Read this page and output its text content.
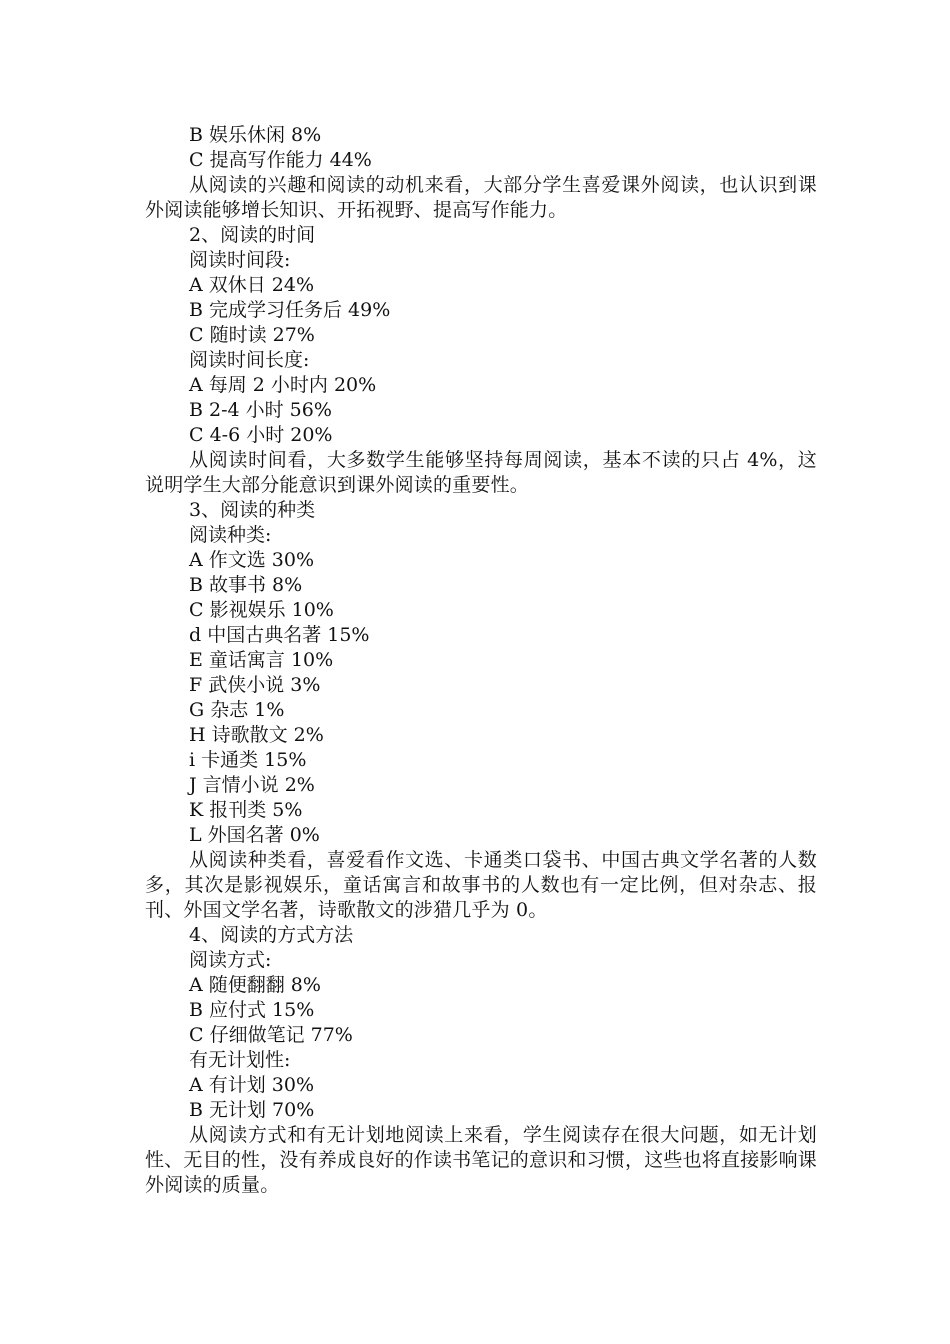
B 娱乐休闲 8%
C 提高写作能力 44%
从阅读的兴趣和阅读的动机来看，大部分学生喜爱课外阅读，也认识到课外阅读能够增长知识、开拓视野、提高写作能力。
2、阅读的时间
阅读时间段:
A 双休日 24%
B 完成学习任务后 49%
C 随时读 27%
阅读时间长度:
A 每周 2 小时内 20%
B 2-4 小时 56%
C 4-6 小时 20%
从阅读时间看，大多数学生能够坚持每周阅读，基本不读的只占 4%，这说明学生大部分能意识到课外阅读的重要性。
3、阅读的种类
阅读种类:
A 作文选 30%
B 故事书 8%
C 影视娱乐 10%
d 中国古典名著 15%
E 童话寓言 10%
F 武侠小说 3%
G 杂志 1%
H 诗歌散文 2%
i 卡通类 15%
J 言情小说 2%
K 报刊类 5%
L 外国名著 0%
从阅读种类看，喜爱看作文选、卡通类口袋书、中国古典文学名著的人数多，其次是影视娱乐，童话寓言和故事书的人数也有一定比例，但对杂志、报刊、外国文学名著，诗歌散文的涉猎几乎为 0。
4、阅读的方式方法
阅读方式:
A 随便翻翻 8%
B 应付式 15%
C 仔细做笔记 77%
有无计划性:
A 有计划 30%
B 无计划 70%
从阅读方式和有无计划地阅读上来看，学生阅读存在很大问题，如无计划性、无目的性，没有养成良好的作读书笔记的意识和习惯，这些也将直接影响课外阅读的质量。
